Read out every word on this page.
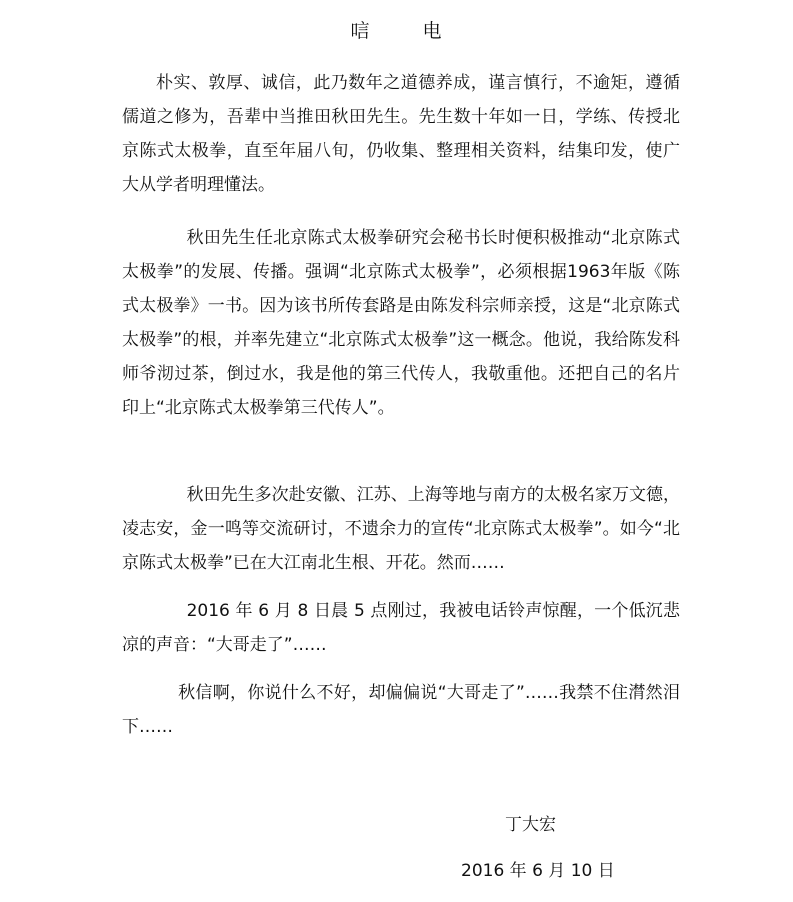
唁	电

朴实、敦厚、诚信，此乃数年之道德养成，谨言慎行，不逾矩，遵循儒道之修为，吾辈中当推田秋田先生。先生数十年如一日，学练、传授北京陈式太极拳，直至年届八旬，仍收集、整理相关资料，结集印发，使广大从学者明理懂法。

秋田先生任北京陈式太极拳研究会秘书长时便积极推动“北京陈式太极拳”的发展、传播。强调“北京陈式太极拳”，必须根据1963年版《陈式太极拳》一书。因为该书所传套路是由陈发科宗师亲授，这是“北京陈式太极拳”的根，并率先建立“北京陈式太极拳”这一概念。他说，我给陈发科师爷沏过茶，倒过水，我是他的第三代传人，我敬重他。还把自己的名片印上“北京陈式太极拳第三代传人”。

秋田先生多次赴安徽、江苏、上海等地与南方的太极名家万文德，凌志安，金一鸣等交流研讨，不遗余力的宣传“北京陈式太极拳”。如今“北京陈式太极拳”已在大江南北生根、开花。然而……

2016 年 6 月 8 日晨 5 点刚过，我被电话铃声惊醒，一个低沉悲凉的声音：“大哥走了”……

秋信啊，你说什么不好，却偏偏说“大哥走了”……我禁不住潸然泪下……

丁大宏
2016 年 6 月 10 日
